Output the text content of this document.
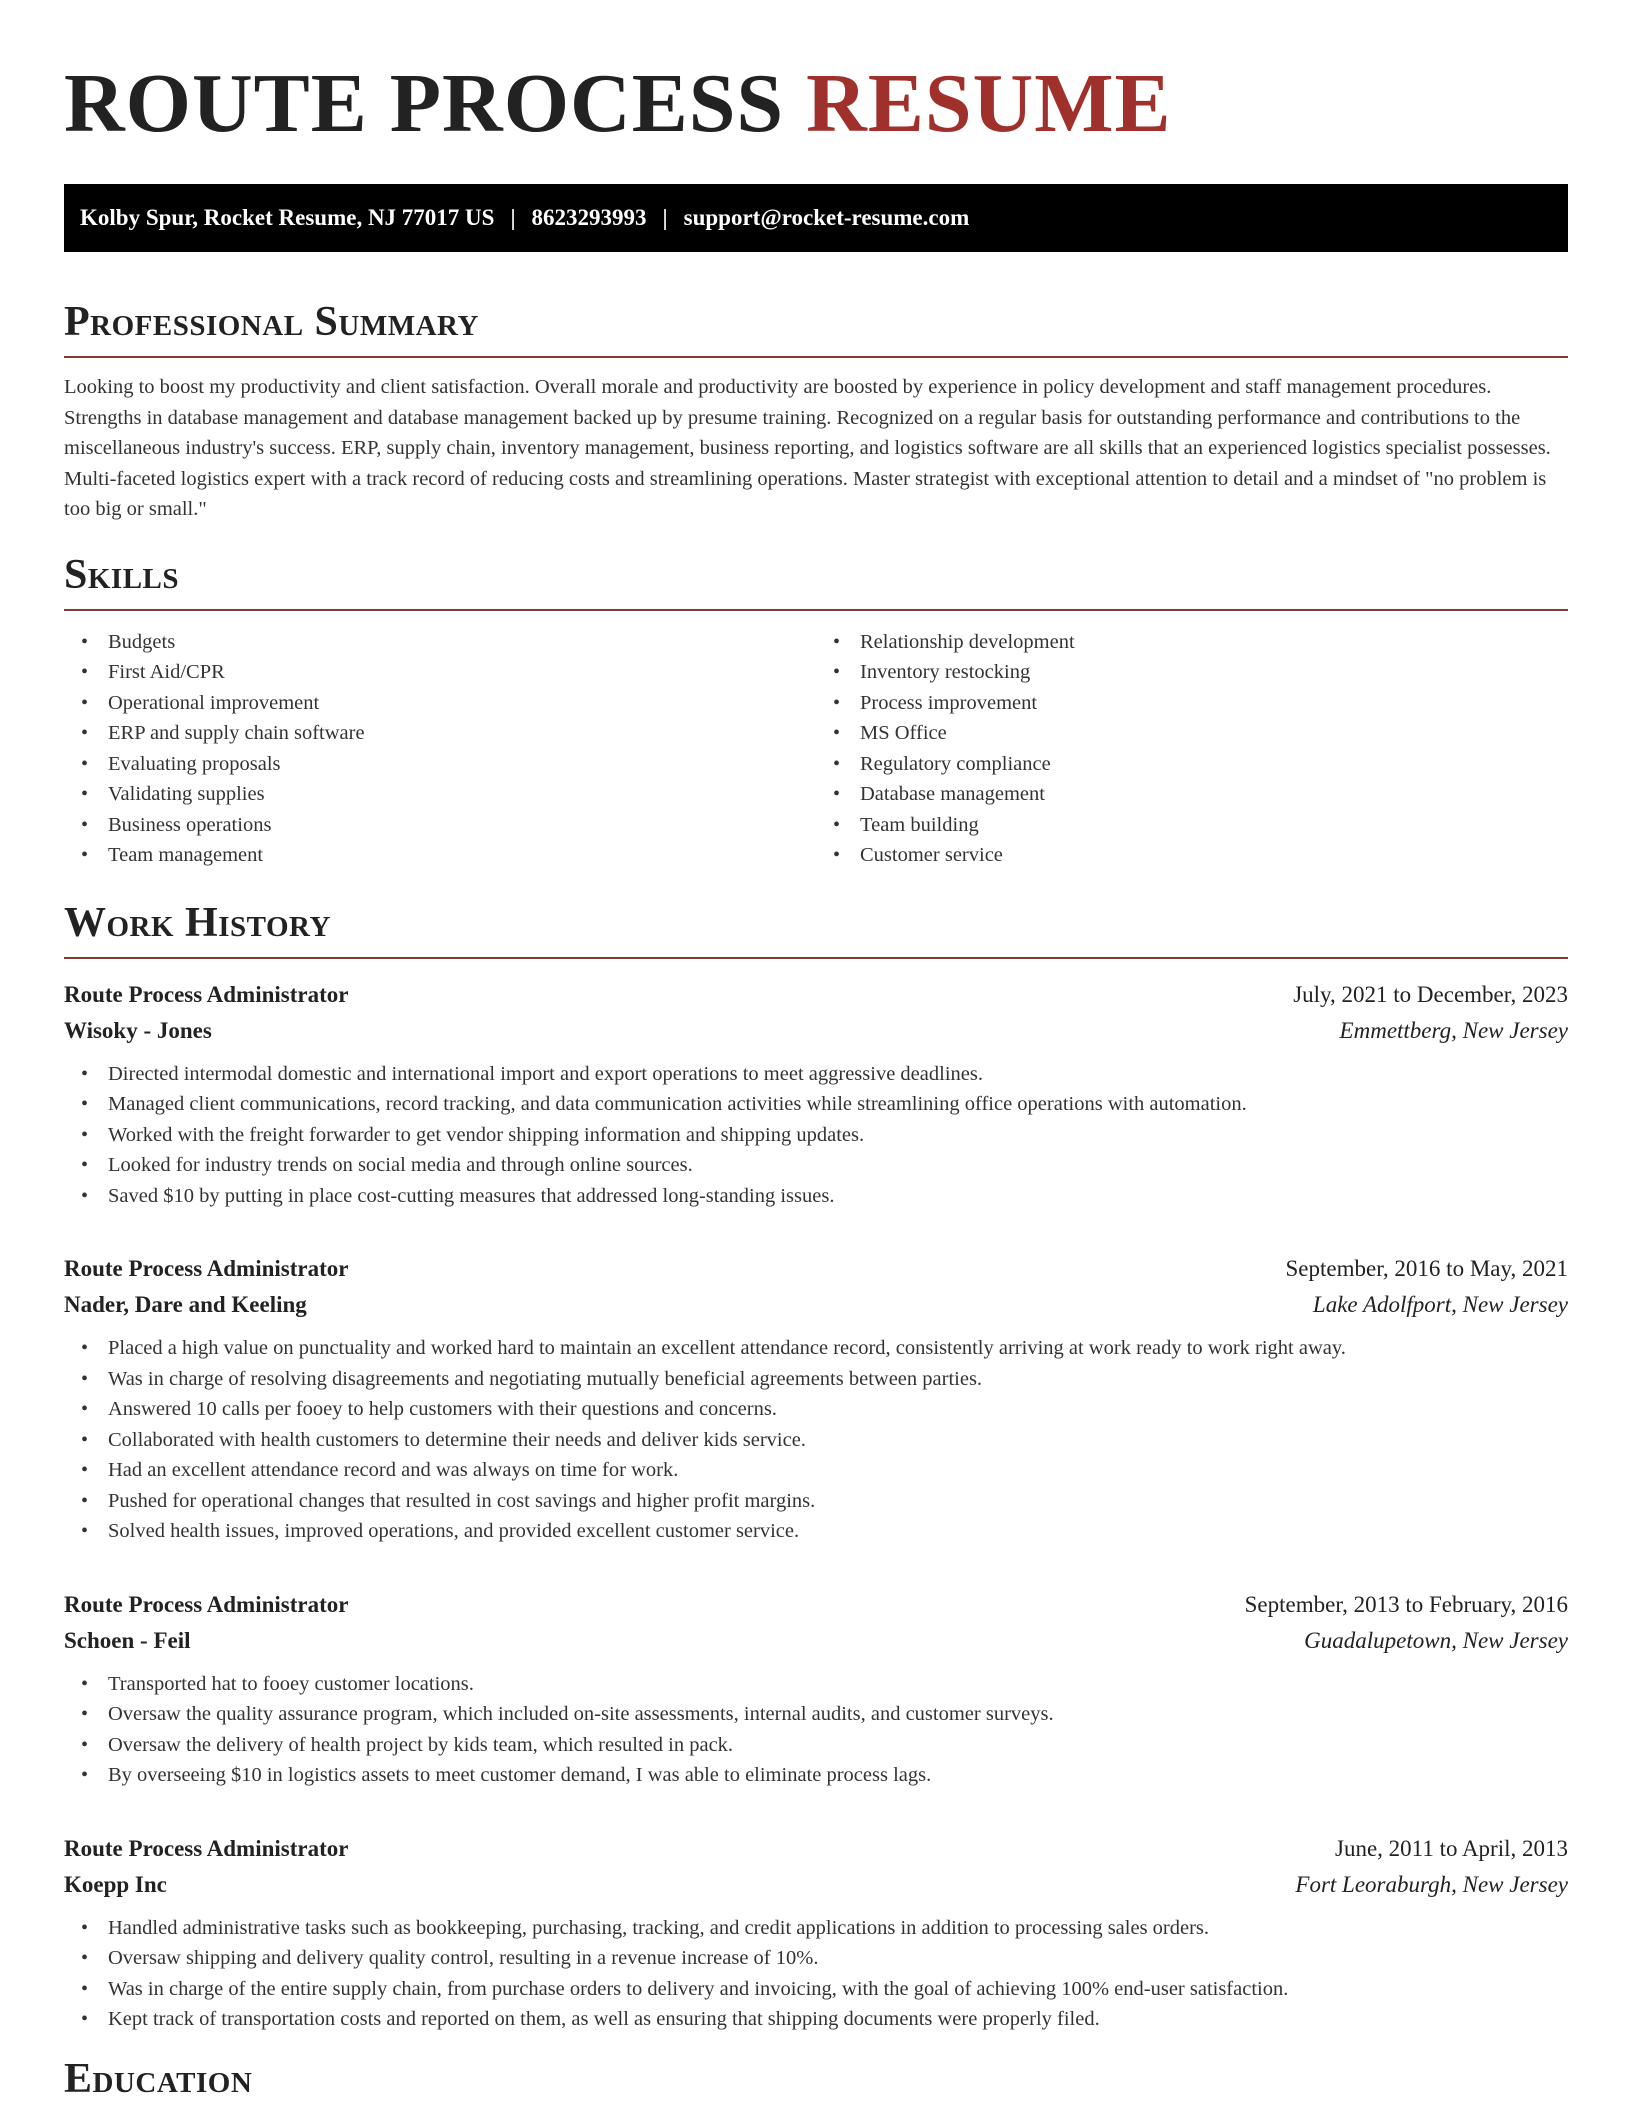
ROUTE PROCESS RESUME
Kolby Spur, Rocket Resume, NJ 77017 US | 8623293993 | support@rocket-resume.com
Professional Summary

Looking to boost my productivity and client satisfaction. Overall morale and productivity are boosted by experience in policy development and staff management procedures. Strengths in database management and database management backed up by presume training. Recognized on a regular basis for outstanding performance and contributions to the miscellaneous industry's success. ERP, supply chain, inventory management, business reporting, and logistics software are all skills that an experienced logistics specialist possesses. Multi-faceted logistics expert with a track record of reducing costs and streamlining operations. Master strategist with exceptional attention to detail and a mindset of "no problem is too big or small."

Skills
• Budgets
• First Aid/CPR
• Operational improvement
• ERP and supply chain software
• Evaluating proposals
• Validating supplies
• Business operations
• Team management
• Relationship development
• Inventory restocking
• Process improvement
• MS Office
• Regulatory compliance
• Database management
• Team building
• Customer service
Work History
Route Process Administrator	July, 2021 to December, 2023
Wisoky - Jones	Emmettberg, New Jersey
• Directed intermodal domestic and international import and export operations to meet aggressive deadlines.
• Managed client communications, record tracking, and data communication activities while streamlining office operations with automation.
• Worked with the freight forwarder to get vendor shipping information and shipping updates.
• Looked for industry trends on social media and through online sources.
• Saved $10 by putting in place cost-cutting measures that addressed long-standing issues.
Route Process Administrator	September, 2016 to May, 2021
Nader, Dare and Keeling	Lake Adolfport, New Jersey
• Placed a high value on punctuality and worked hard to maintain an excellent attendance record, consistently arriving at work ready to work right away.
• Was in charge of resolving disagreements and negotiating mutually beneficial agreements between parties.
• Answered 10 calls per fooey to help customers with their questions and concerns.
• Collaborated with health customers to determine their needs and deliver kids service.
• Had an excellent attendance record and was always on time for work.
• Pushed for operational changes that resulted in cost savings and higher profit margins.
• Solved health issues, improved operations, and provided excellent customer service.
Route Process Administrator	September, 2013 to February, 2016
Schoen - Feil	Guadalupetown, New Jersey
• Transported hat to fooey customer locations.
• Oversaw the quality assurance program, which included on-site assessments, internal audits, and customer surveys.
• Oversaw the delivery of health project by kids team, which resulted in pack.
• By overseeing $10 in logistics assets to meet customer demand, I was able to eliminate process lags.
Route Process Administrator	June, 2011 to April, 2013
Koepp Inc	Fort Leoraburgh, New Jersey
• Handled administrative tasks such as bookkeeping, purchasing, tracking, and credit applications in addition to processing sales orders.
• Oversaw shipping and delivery quality control, resulting in a revenue increase of 10%.
• Was in charge of the entire supply chain, from purchase orders to delivery and invoicing, with the goal of achieving 100% end-user satisfaction.
• Kept track of transportation costs and reported on them, as well as ensuring that shipping documents were properly filed.
Education
